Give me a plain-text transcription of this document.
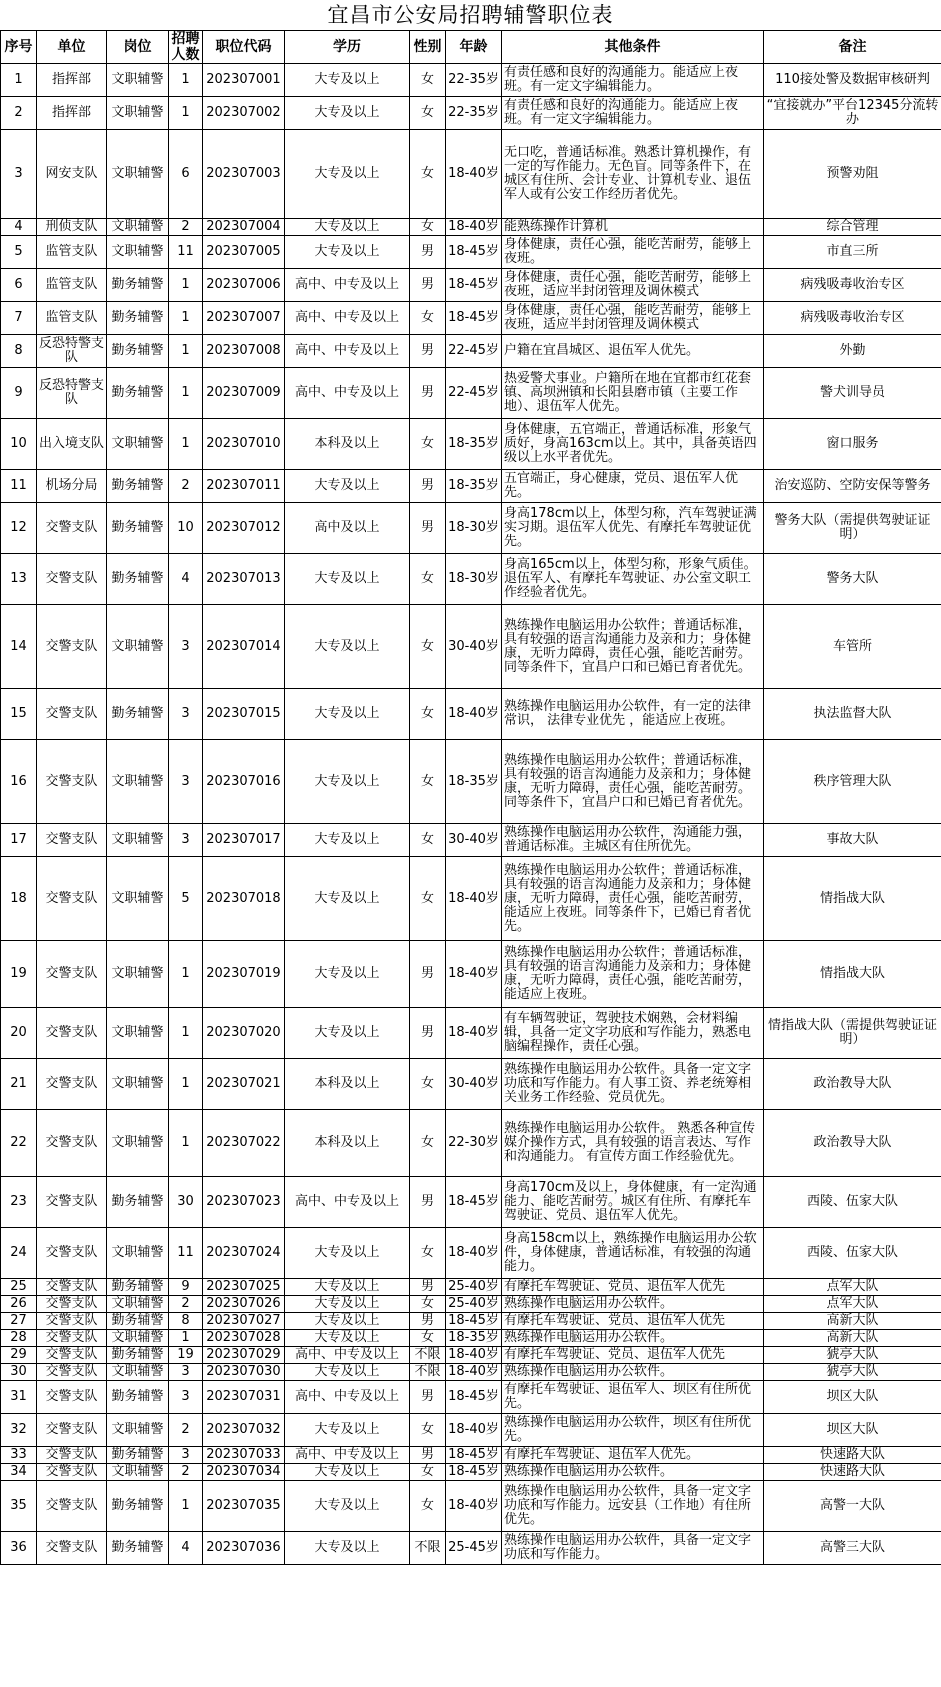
宜昌市公安局招聘辅警职位表
序号	单位	岗位	招聘人数	职位代码	学历	性别	年龄	其他条件	备注
1	指挥部	文职辅警	1	202307001	大专及以上	女	22-35岁	有责任感和良好的沟通能力。能适应上夜班。有一定文字编辑能力。	110接处警及数据审核研判
2	指挥部	文职辅警	1	202307002	大专及以上	女	22-35岁	有责任感和良好的沟通能力。能适应上夜班。有一定文字编辑能力。	“宜接就办”平台12345分流转办
3	网安支队	文职辅警	6	202307003	大专及以上	女	18-40岁	无口吃，普通话标准。熟悉计算机操作，有一定的写作能力。无色盲。同等条件下，在城区有住所、会计专业、计算机专业、退伍军人或有公安工作经历者优先。	预警劝阻
4	刑侦支队	文职辅警	2	202307004	大专及以上	女	18-40岁	能熟练操作计算机	综合管理
5	监管支队	文职辅警	11	202307005	大专及以上	男	18-45岁	身体健康，责任心强，能吃苦耐劳，能够上夜班。	市直三所
6	监管支队	勤务辅警	1	202307006	高中、中专及以上	男	18-45岁	身体健康，责任心强，能吃苦耐劳，能够上夜班，适应半封闭管理及调休模式	病残吸毒收治专区
7	监管支队	勤务辅警	1	202307007	高中、中专及以上	女	18-45岁	身体健康，责任心强，能吃苦耐劳，能够上夜班，适应半封闭管理及调休模式	病残吸毒收治专区
8	反恐特警支队	勤务辅警	1	202307008	高中、中专及以上	男	22-45岁	户籍在宜昌城区、退伍军人优先。	外勤
9	反恐特警支队	勤务辅警	1	202307009	高中、中专及以上	男	22-45岁	热爱警犬事业。户籍所在地在宜都市红花套镇、高坝洲镇和长阳县磨市镇（主要工作地）、退伍军人优先。	警犬训导员
10	出入境支队	文职辅警	1	202307010	本科及以上	女	18-35岁	身体健康，五官端正，普通话标准，形象气质好，身高163cm以上。其中，具备英语四级以上水平者优先。	窗口服务
11	机场分局	勤务辅警	2	202307011	大专及以上	男	18-35岁	五官端正，身心健康，党员、退伍军人优先。	治安巡防、空防安保等警务
12	交警支队	勤务辅警	10	202307012	高中及以上	男	18-30岁	身高178cm以上，体型匀称，汽车驾驶证满实习期。退伍军人优先、有摩托车驾驶证优先。	警务大队（需提供驾驶证证明）
13	交警支队	勤务辅警	4	202307013	大专及以上	女	18-30岁	身高165cm以上，体型匀称，形象气质佳。退伍军人、有摩托车驾驶证、办公室文职工作经验者优先。	警务大队
14	交警支队	文职辅警	3	202307014	大专及以上	女	30-40岁	熟练操作电脑运用办公软件；普通话标准，具有较强的语言沟通能力及亲和力；身体健康，无听力障碍，责任心强，能吃苦耐劳。同等条件下，宜昌户口和已婚已育者优先。	车管所
15	交警支队	勤务辅警	3	202307015	大专及以上	女	18-40岁	熟练操作电脑运用办公软件，有一定的法律常识， 法律专业优先 ，能适应上夜班。	执法监督大队
16	交警支队	文职辅警	3	202307016	大专及以上	女	18-35岁	熟练操作电脑运用办公软件；普通话标准，具有较强的语言沟通能力及亲和力；身体健康，无听力障碍，责任心强，能吃苦耐劳。同等条件下，宜昌户口和已婚已育者优先。	秩序管理大队
17	交警支队	文职辅警	3	202307017	大专及以上	女	30-40岁	熟练操作电脑运用办公软件，沟通能力强，普通话标准。主城区有住所优先。	事故大队
18	交警支队	文职辅警	5	202307018	大专及以上	女	18-40岁	熟练操作电脑运用办公软件；普通话标准，具有较强的语言沟通能力及亲和力；身体健康，无听力障碍，责任心强，能吃苦耐劳，能适应上夜班。同等条件下，已婚已育者优先。	情指战大队
19	交警支队	文职辅警	1	202307019	大专及以上	男	18-40岁	熟练操作电脑运用办公软件；普通话标准，具有较强的语言沟通能力及亲和力；身体健康，无听力障碍，责任心强，能吃苦耐劳，能适应上夜班。	情指战大队
20	交警支队	文职辅警	1	202307020	大专及以上	男	18-40岁	有车辆驾驶证，驾驶技术娴熟，会材料编辑，具备一定文字功底和写作能力，熟悉电脑编程操作，责任心强。	情指战大队（需提供驾驶证证明）
21	交警支队	文职辅警	1	202307021	本科及以上	女	30-40岁	熟练操作电脑运用办公软件。具备一定文字功底和写作能力。有人事工资、养老统筹相关业务工作经验、党员优先。	政治教导大队
22	交警支队	文职辅警	1	202307022	本科及以上	女	22-30岁	熟练操作电脑运用办公软件。 熟悉各种宣传媒介操作方式，具有较强的语言表达、写作和沟通能力。 有宣传方面工作经验优先。	政治教导大队
23	交警支队	勤务辅警	30	202307023	高中、中专及以上	男	18-45岁	身高170cm及以上，身体健康，有一定沟通能力、能吃苦耐劳。城区有住所、有摩托车驾驶证、党员、退伍军人优先。	西陵、伍家大队
24	交警支队	文职辅警	11	202307024	大专及以上	女	18-40岁	身高158cm以上，熟练操作电脑运用办公软件，身体健康，普通话标准，有较强的沟通能力。	西陵、伍家大队
25	交警支队	勤务辅警	9	202307025	大专及以上	男	25-40岁	有摩托车驾驶证、党员、退伍军人优先	点军大队
26	交警支队	文职辅警	2	202307026	大专及以上	女	25-40岁	熟练操作电脑运用办公软件。	点军大队
27	交警支队	勤务辅警	8	202307027	大专及以上	男	18-45岁	有摩托车驾驶证、党员、退伍军人优先	高新大队
28	交警支队	文职辅警	1	202307028	大专及以上	女	18-35岁	熟练操作电脑运用办公软件。	高新大队
29	交警支队	勤务辅警	19	202307029	高中、中专及以上	不限	18-40岁	有摩托车驾驶证、党员、退伍军人优先	猇亭大队
30	交警支队	文职辅警	3	202307030	大专及以上	不限	18-40岁	熟练操作电脑运用办公软件。	猇亭大队
31	交警支队	勤务辅警	3	202307031	高中、中专及以上	男	18-45岁	有摩托车驾驶证、退伍军人、坝区有住所优先。	坝区大队
32	交警支队	文职辅警	2	202307032	大专及以上	女	18-40岁	熟练操作电脑运用办公软件，坝区有住所优先。	坝区大队
33	交警支队	勤务辅警	3	202307033	高中、中专及以上	男	18-45岁	有摩托车驾驶证、退伍军人优先。	快速路大队
34	交警支队	文职辅警	2	202307034	大专及以上	女	18-45岁	熟练操作电脑运用办公软件。	快速路大队
35	交警支队	勤务辅警	1	202307035	大专及以上	女	18-40岁	熟练操作电脑运用办公软件，具备一定文字功底和写作能力。远安县（工作地）有住所优先。	高警一大队
36	交警支队	勤务辅警	4	202307036	大专及以上	不限	25-45岁	熟练操作电脑运用办公软件，具备一定文字功底和写作能力。	高警三大队
